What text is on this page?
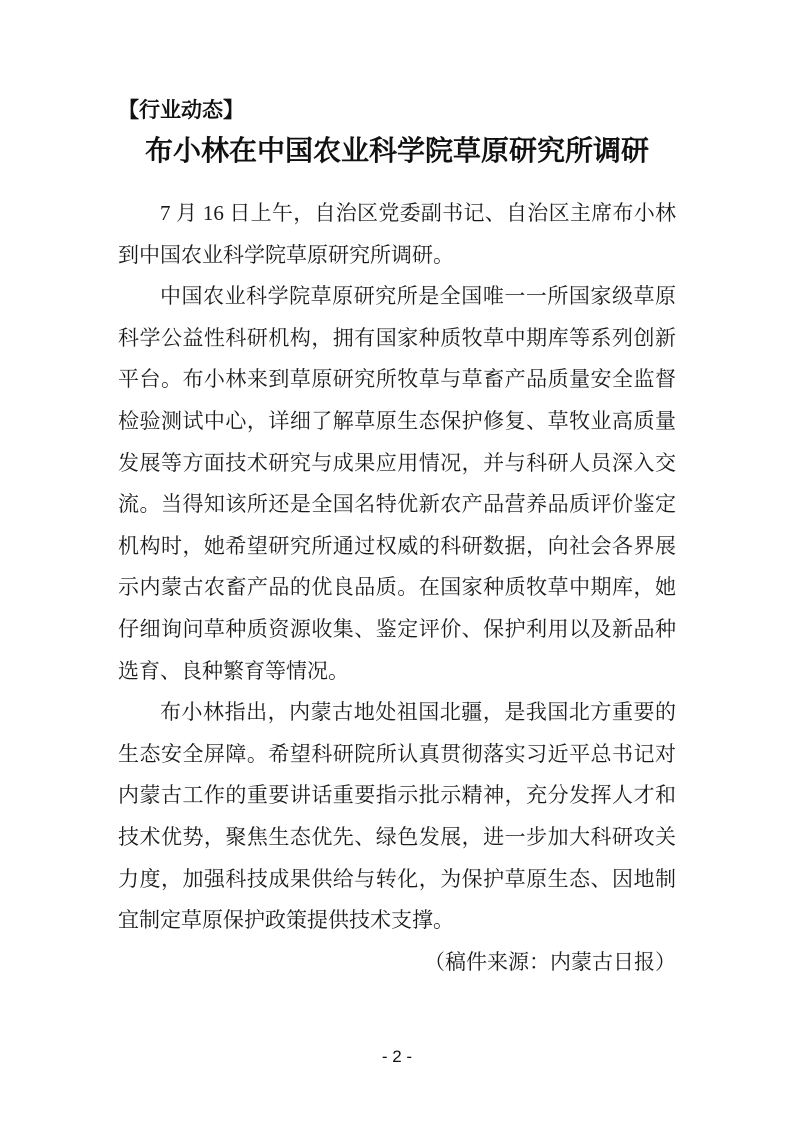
【行业动态】
布小林在中国农业科学院草原研究所调研

7 月 16 日上午，自治区党委副书记、自治区主席布小林到中国农业科学院草原研究所调研。

中国农业科学院草原研究所是全国唯一一所国家级草原科学公益性科研机构，拥有国家种质牧草中期库等系列创新平台。布小林来到草原研究所牧草与草畜产品质量安全监督检验测试中心，详细了解草原生态保护修复、草牧业高质量发展等方面技术研究与成果应用情况，并与科研人员深入交流。当得知该所还是全国名特优新农产品营养品质评价鉴定机构时，她希望研究所通过权威的科研数据，向社会各界展示内蒙古农畜产品的优良品质。在国家种质牧草中期库，她仔细询问草种质资源收集、鉴定评价、保护利用以及新品种选育、良种繁育等情况。

布小林指出，内蒙古地处祖国北疆，是我国北方重要的生态安全屏障。希望科研院所认真贯彻落实习近平总书记对内蒙古工作的重要讲话重要指示批示精神，充分发挥人才和技术优势，聚焦生态优先、绿色发展，进一步加大科研攻关力度，加强科技成果供给与转化，为保护草原生态、因地制宜制定草原保护政策提供技术支撑。

（稿件来源：内蒙古日报）

- 2 -
